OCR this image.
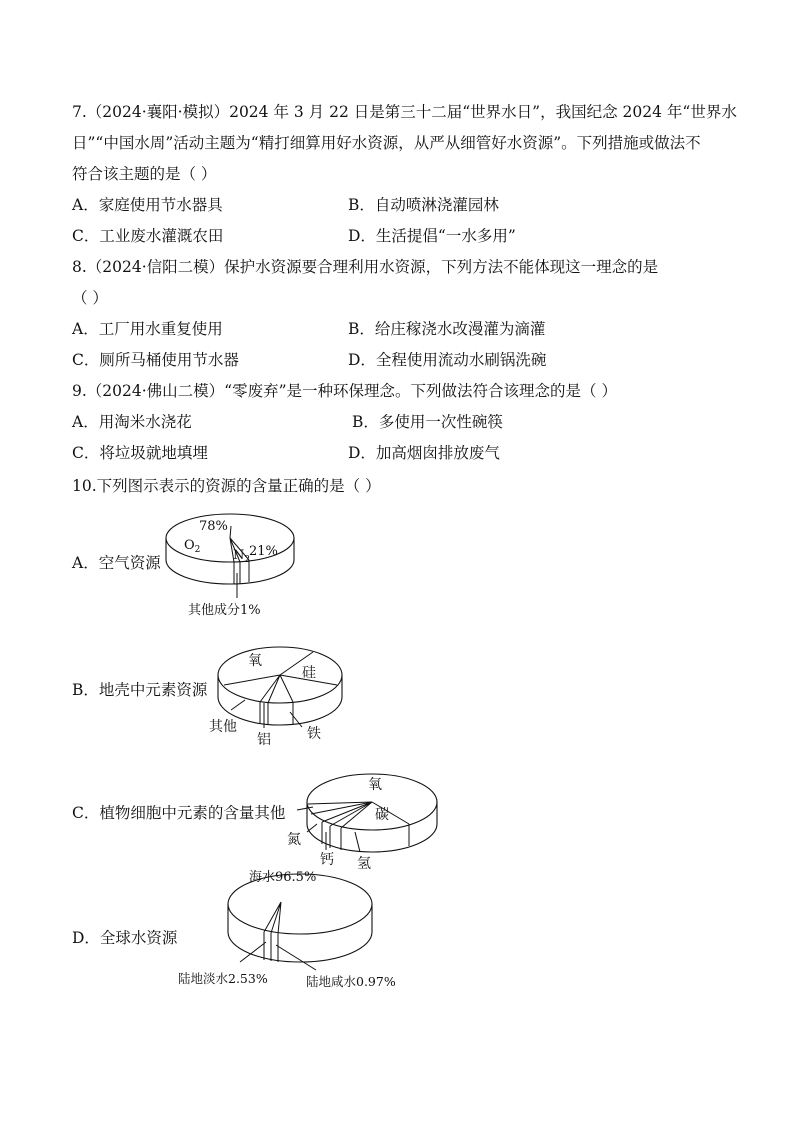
7.（2024·襄阳·模拟）2024 年 3 月 22 日是第三十二届“世界水日”，我国纪念 2024 年“世界水
日”“中国水周”活动主题为“精打细算用好水资源，从严从细管好水资源”。下列措施或做法不
符合该主题的是（ ）
A．家庭使用节水器具	B．自动喷淋浇灌园林
C．工业废水灌溉农田	D．生活提倡“一水多用”
8.（2024·信阳二模）保护水资源要合理利用水资源，下列方法不能体现这一理念的是
（ ）
A．工厂用水重复使用	B．给庄稼浇水改漫灌为滴灌
C．厕所马桶使用节水器	D．全程使用流动水刷锅洗碗
9.（2024·佛山二模）“零废弃”是一种环保理念。下列做法符合该理念的是（ ）
A．用淘米水浇花	B．多使用一次性碗筷
C．将垃圾就地填埋	D．加高烟囱排放废气
10.下列图示表示的资源的含量正确的是（ ）
A．空气资源
78%
$O_2$	$N_2$
21%
其他成分1%
B．地壳中元素资源
氧
硅
其他
铝	铁
C．植物细胞中元素的含量其他
氧
碳
氮
钙 氢
D．全球水资源
海水96.5%
陆地淡水2.53%	陆地咸水0.97%
